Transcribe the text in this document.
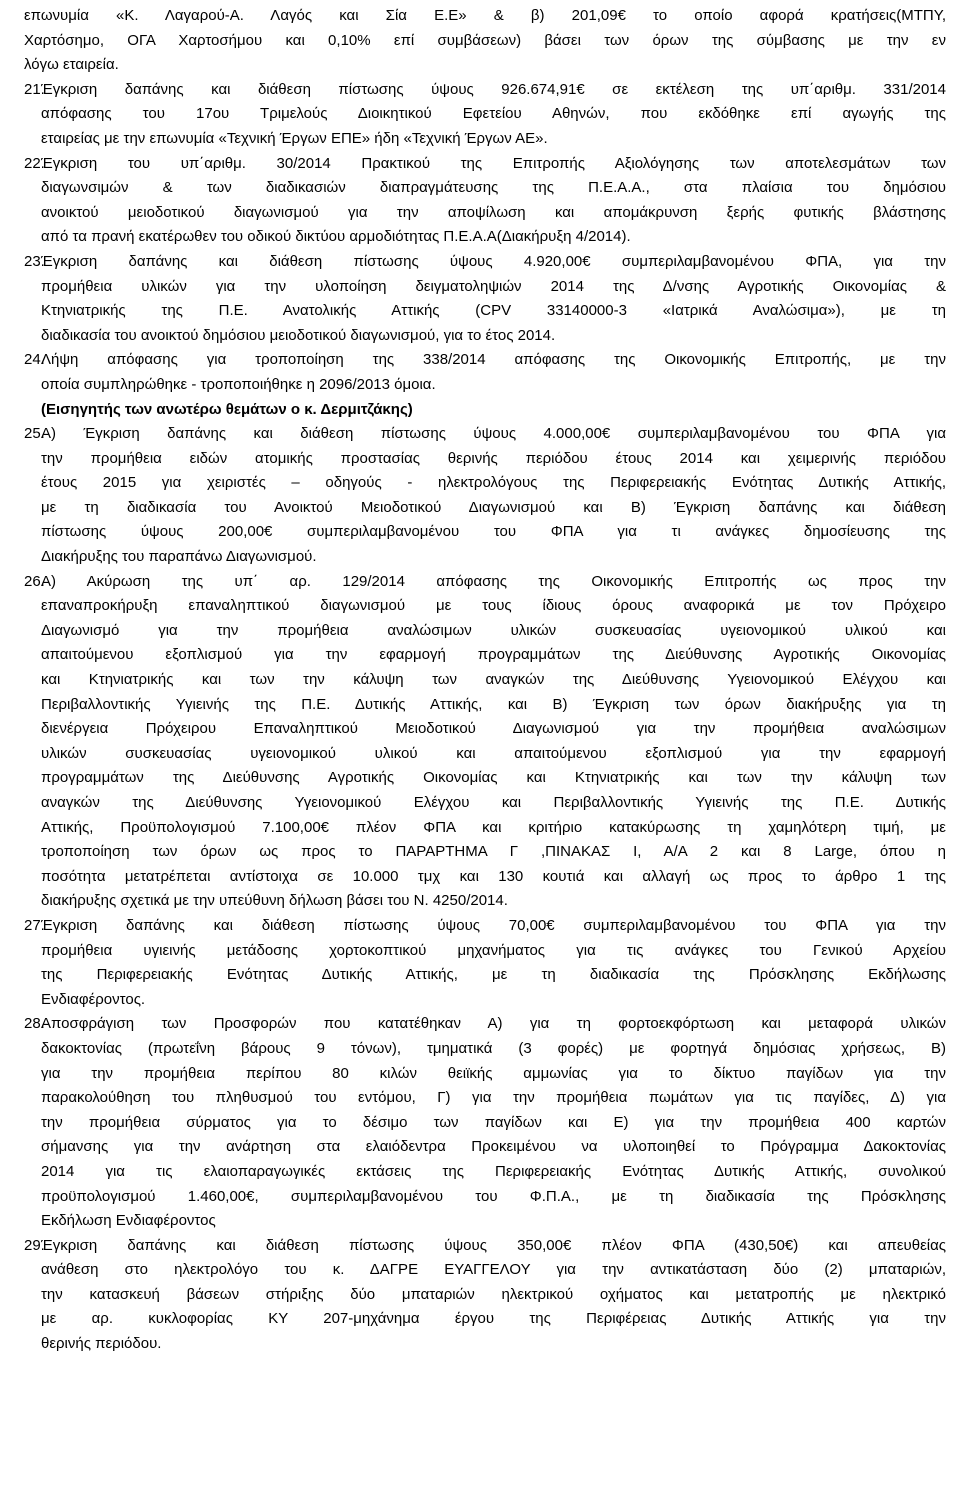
επωνυμία «Κ. Λαγαρού-Α. Λαγός και Σία Ε.Ε» & β) 201,09€ το οποίο αφορά κρατήσεις(ΜΤΠΥ,
Χαρτόσημο, ΟΓΑ Χαρτοσήμου και 0,10% επί συμβάσεων) βάσει των όρων της σύμβασης με την εν
λόγω εταιρεία.
21.Έγκριση δαπάνης και διάθεση πίστωσης ύψους 926.674,91€ σε εκτέλεση της υπ΄αριθμ. 331/2014
απόφασης του 17ου Τριμελούς Διοικητικού Εφετείου Αθηνών, που εκδόθηκε επί αγωγής της
εταιρείας με την επωνυμία «Τεχνική Έργων ΕΠΕ» ήδη «Τεχνική Έργων ΑΕ».
22.Έγκριση του υπ΄αριθμ. 30/2014 Πρακτικού της Επιτροπής Αξιολόγησης των αποτελεσμάτων των
διαγωνσιμών & των διαδικασιών διαπραγμάτευσης της Π.Ε.Α.Α., στα πλαίσια του δημόσιου
ανοικτού μειοδοτικού διαγωνισμού για την αποψίλωση και απομάκρυνση ξερής φυτικής βλάστησης
από τα πρανή εκατέρωθεν του οδικού δικτύου αρμοδιότητας Π.Ε.Α.Α(Διακήρυξη 4/2014).
23.Έγκριση δαπάνης και διάθεση πίστωσης ύψους 4.920,00€ συμπεριλαμβανομένου ΦΠΑ, για την
προμήθεια υλικών για την υλοποίηση δειγματοληψιών 2014 της Δ/νσης Αγροτικής Οικονομίας &
Κτηνιατρικής της Π.Ε. Ανατολικής Αττικής (CPV 33140000-3 «Ιατρικά Αναλώσιμα»), με τη
διαδικασία του ανοικτού δημόσιου μειοδοτικού διαγωνισμού, για το έτος 2014.
24.Λήψη απόφασης για τροποποίηση της 338/2014 απόφασης της Οικονομικής Επιτροπής, με την
οποία συμπληρώθηκε - τροποποιήθηκε η 2096/2013 όμοια.
(Εισηγητής των ανωτέρω θεμάτων ο κ. Δερμιτζάκης)
25.Α) Έγκριση δαπάνης και διάθεση πίστωσης ύψους 4.000,00€ συμπεριλαμβανομένου του ΦΠΑ για
την προμήθεια ειδών ατομικής προστασίας θερινής περιόδου έτους 2014 και χειμερινής περιόδου
έτους 2015 για χειριστές – οδηγούς - ηλεκτρολόγους της Περιφερειακής Ενότητας Δυτικής Αττικής,
με τη διαδικασία του Ανοικτού Μειοδοτικού Διαγωνισμού και Β) Έγκριση δαπάνης και διάθεση
πίστωσης ύψους 200,00€ συμπεριλαμβανομένου του ΦΠΑ για τι ανάγκες δημοσίευσης της
Διακήρυξης του παραπάνω Διαγωνισμού.
26.Α) Ακύρωση της υπ΄ αρ. 129/2014 απόφασης της Οικονομικής Επιτροπής ως προς την
επαναπροκήρυξη επαναληπτικού διαγωνισμού με τους ίδιους όρους αναφορικά με τον Πρόχειρο
Διαγωνισμό για την προμήθεια αναλώσιμων υλικών συσκευασίας υγειονομικού υλικού και
απαιτούμενου εξοπλισμού για την εφαρμογή προγραμμάτων της Διεύθυνσης Αγροτικής Οικονομίας
και Κτηνιατρικής και των την κάλυψη των αναγκών της Διεύθυνσης Υγειονομικού Ελέγχου και
Περιβαλλοντικής Υγιεινής της Π.Ε. Δυτικής Αττικής, και Β) Έγκριση των όρων διακήρυξης για τη
διενέργεια Πρόχειρου Επαναληπτικού Μειοδοτικού Διαγωνισμού για την προμήθεια αναλώσιμων
υλικών συσκευασίας υγειονομικού υλικού και απαιτούμενου εξοπλισμού για την εφαρμογή
προγραμμάτων της Διεύθυνσης Αγροτικής Οικονομίας και Κτηνιατρικής και των την κάλυψη των
αναγκών της Διεύθυνσης Υγειονομικού Ελέγχου και Περιβαλλοντικής Υγιεινής της Π.Ε. Δυτικής
Αττικής, Προϋπολογισμού 7.100,00€ πλέον ΦΠΑ και κριτήριο κατακύρωσης τη χαμηλότερη τιμή, με
τροποποίηση των όρων ως προς το ΠΑΡΑΡΤΗΜΑ Γ ,ΠΙΝΑΚΑΣ Ι, Α/Α 2 και 8 Large, όπου η
ποσότητα μετατρέπεται αντίστοιχα σε 10.000 τμχ και 130 κουτιά και αλλαγή ως προς το άρθρο 1 της
διακήρυξης σχετικά με την υπεύθυνη δήλωση βάσει του Ν. 4250/2014.
27.Έγκριση δαπάνης και διάθεση πίστωσης ύψους 70,00€ συμπεριλαμβανομένου του ΦΠΑ για την
προμήθεια υγιεινής μετάδοσης χορτοκοπτικού μηχανήματος για τις ανάγκες του Γενικού Αρχείου
της Περιφερειακής Ενότητας Δυτικής Αττικής, με τη διαδικασία της Πρόσκλησης Εκδήλωσης
Ενδιαφέροντος.
28.Αποσφράγιση των Προσφορών που κατατέθηκαν Α) για τη φορτοεκφόρτωση και μεταφορά υλικών
δακοκτονίας (πρωτεΐνη βάρους 9 τόνων), τμηματικά (3 φορές) με φορτηγά δημόσιας χρήσεως, Β)
για την προμήθεια περίπου 80 κιλών θειϊκής αμμωνίας για το δίκτυο παγίδων για την
παρακολούθηση του πληθυσμού του εντόμου, Γ) για την προμήθεια πωμάτων για τις παγίδες, Δ) για
την προμήθεια σύρματος για το δέσιμο των παγίδων και Ε) για την προμήθεια 400 καρτών
σήμανσης για την ανάρτηση στα ελαιόδεντρα Προκειμένου να υλοποιηθεί το Πρόγραμμα Δακοκτονίας
2014 για τις ελαιοπαραγωγικές εκτάσεις της Περιφερειακής Ενότητας Δυτικής Αττικής, συνολικού
προϋπολογισμού 1.460,00€, συμπεριλαμβανομένου του Φ.Π.Α., με τη διαδικασία της Πρόσκλησης
Εκδήλωση Ενδιαφέροντος
29.Έγκριση δαπάνης και διάθεση πίστωσης ύψους 350,00€ πλέον ΦΠΑ (430,50€) και απευθείας
ανάθεση στο ηλεκτρολόγο του κ. ΔΑΓΡΕ ΕΥΑΓΓΕΛΟΥ για την αντικατάσταση δύο (2) μπαταριών,
την κατασκευή βάσεων στήριξης δύο μπαταριών ηλεκτρικού οχήματος και μετατροπής με ηλεκτρικό
με αρ. κυκλοφορίας ΚΥ 207-μηχάνημα έργου της Περιφέρειας Δυτικής Αττικής για την
θερινής περιόδου.
